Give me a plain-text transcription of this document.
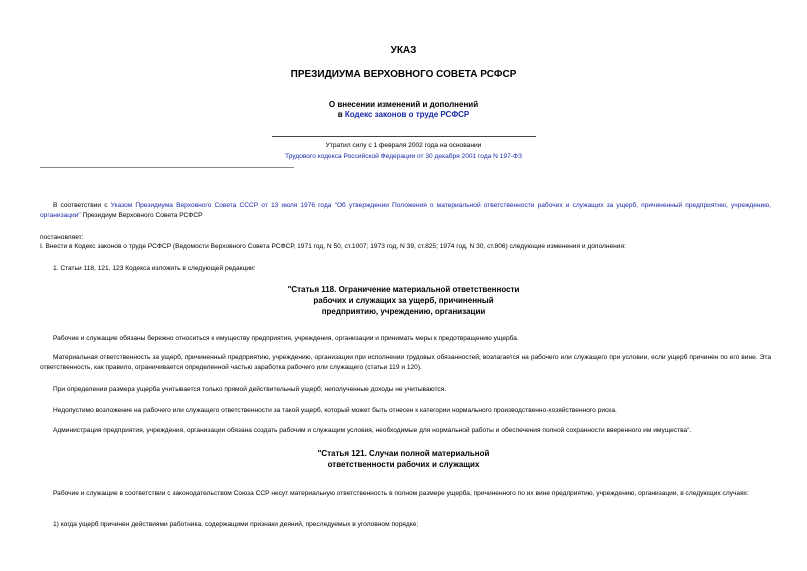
УКАЗ
ПРЕЗИДИУМА ВЕРХОВНОГО СОВЕТА РСФСР
О внесении изменений и дополнений
в Кодекс законов о труде РСФСР
Утратил силу с 1 февраля 2002 года на основании
Трудового кодекса Российской Федерации от 30 декабря 2001 года N 197-ФЗ
В соответствии с Указом Президиума Верховного Совета СССР от 13 июля 1976 года "Об утверждении Положения о материальной ответственности рабочих и служащих за ущерб, причиненный предприятию, учреждению, организации" Президиум Верховного Совета РСФСР
постановляет:
I. Внести в Кодекс законов о труде РСФСР (Ведомости Верховного Совета РСФСР, 1971 год, N 50, ст.1007; 1973 год, N 39, ст.825; 1974 год, N 30, ст.806) следующие изменения и дополнения:
1. Статьи 118, 121, 123 Кодекса изложить в следующей редакции:
"Статья 118. Ограничение материальной ответственности
рабочих и служащих за ущерб, причиненный
предприятию, учреждению, организации
Рабочие и служащие обязаны бережно относиться к имуществу предприятия, учреждения, организации и принимать меры к предотвращению ущерба.
Материальная ответственность за ущерб, причиненный предприятию, учреждению, организации при исполнении трудовых обязанностей, возлагается на рабочего или служащего при условии, если ущерб причинен по его вине. Эта ответственность, как правило, ограничивается определенной частью заработка рабочего или служащего (статьи 119 и 120).
При определении размера ущерба учитывается только прямой действительный ущерб; неполученные доходы не учитываются.
Недопустимо возложение на рабочего или служащего ответственности за такой ущерб, который может быть отнесен к категории нормального производственно-хозяйственного риска.
Администрация предприятия, учреждения, организации обязана создать рабочим и служащим условия, необходимые для нормальной работы и обеспечения полной сохранности вверенного им имущества".
"Статья 121. Случаи полной материальной
ответственности рабочих и служащих
Рабочие и служащие в соответствии с законодательством Союза ССР несут материальную ответственность в полном размере ущерба, причиненного по их вине предприятию, учреждению, организации, в следующих случаях:
1) когда ущерб причинен действиями работника, содержащими признаки деяний, преследуемых в уголовном порядке;
